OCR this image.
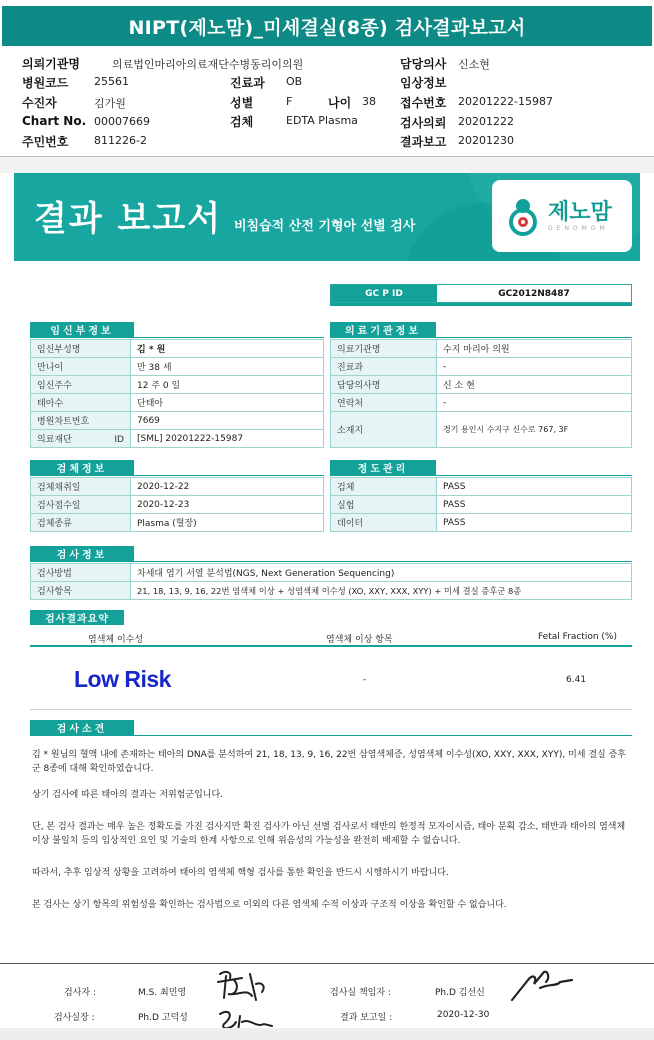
NIPT(제노맘)_미세결실(8종) 검사결과보고서
의뢰기관명	의료법인마리아의료재단수병동리이의원
병원코드 25561
수진자	김가원
Chart No. 00007669
주민번호 811226-2
진료과 OB
성별	F	나이 38
검체	EDTA Plasma
담당의사 신소현
임상정보
접수번호 20201222-15987
검사의뢰 20201222
결과보고 20201230
결과 보고서 비침습적 산전 기형아 선별 검사
제노맘
GENOMOM
GC P ID	GC2012N8487
임신부정보
임신부성명	김 * 원
만나이	만 38 세
임신주수	12 주 0 일
태아수	단태아
병원차트번호	7669
의료재단 ID	[SML] 20201222-15987
의료기관정보
의료기관명	수지 마리아 의원
진료과	-
담당의사명	신 소 현
연락처	-
소재지	경기 용인시 수지구 신수로 767, 3F
검체정보
검체채취일	2020-12-22
검사접수일	2020-12-23
검체종류	Plasma (혈장)
정도관리
검체	PASS
실험	PASS
데이터	PASS
검사정보
검사방법	차세대 염기 서열 분석법(NGS, Next Generation Sequencing)
검사항목	21, 18, 13, 9, 16, 22번 염색체 이상 + 성염색체 이수성 (XO, XXY, XXX, XYY) + 미세 결실 증후군 8종
검사결과요약
염색체 이수성	염색체 이상 항목	Fetal Fraction (%)
Low Risk	-	6.41
검사소견

김 * 원님의 혈액 내에 존재하는 태아의 DNA를 분석하여 21, 18, 13, 9, 16, 22번 삼염색체증, 성염색체 이수성(XO, XXY, XXX, XYY), 미세 결실 증후군 8종에 대해 확인하였습니다.

상기 검사에 따른 태아의 결과는 저위험군입니다.

단, 본 검사 결과는 매우 높은 정확도를 가진 검사지만 확진 검사가 아닌 선별 검사로서 태반의 한정적 모자이시즘, 태아 분획 감소, 태반과 태아의 염색체 이상 불일치 등의 임상적인 요인 및 기술의 한계 사항으로 인해 위음성의 가능성을 완전히 배제할 수 없습니다.

따라서, 추후 임상적 상황을 고려하여 태아의 염색체 핵형 검사를 통한 확인을 반드시 시행하시기 바랍니다.

본 검사는 상기 항목의 위험성을 확인하는 검사법으로 이외의 다른 염색체 수적 이상과 구조적 이상을 확인할 수 없습니다.

검사자 :	M.S. 최민영
검사실장 :	Ph.D 고덕성
검사실 책임자 :	Ph.D 김선신
결과 보고일 :	2020-12-30
